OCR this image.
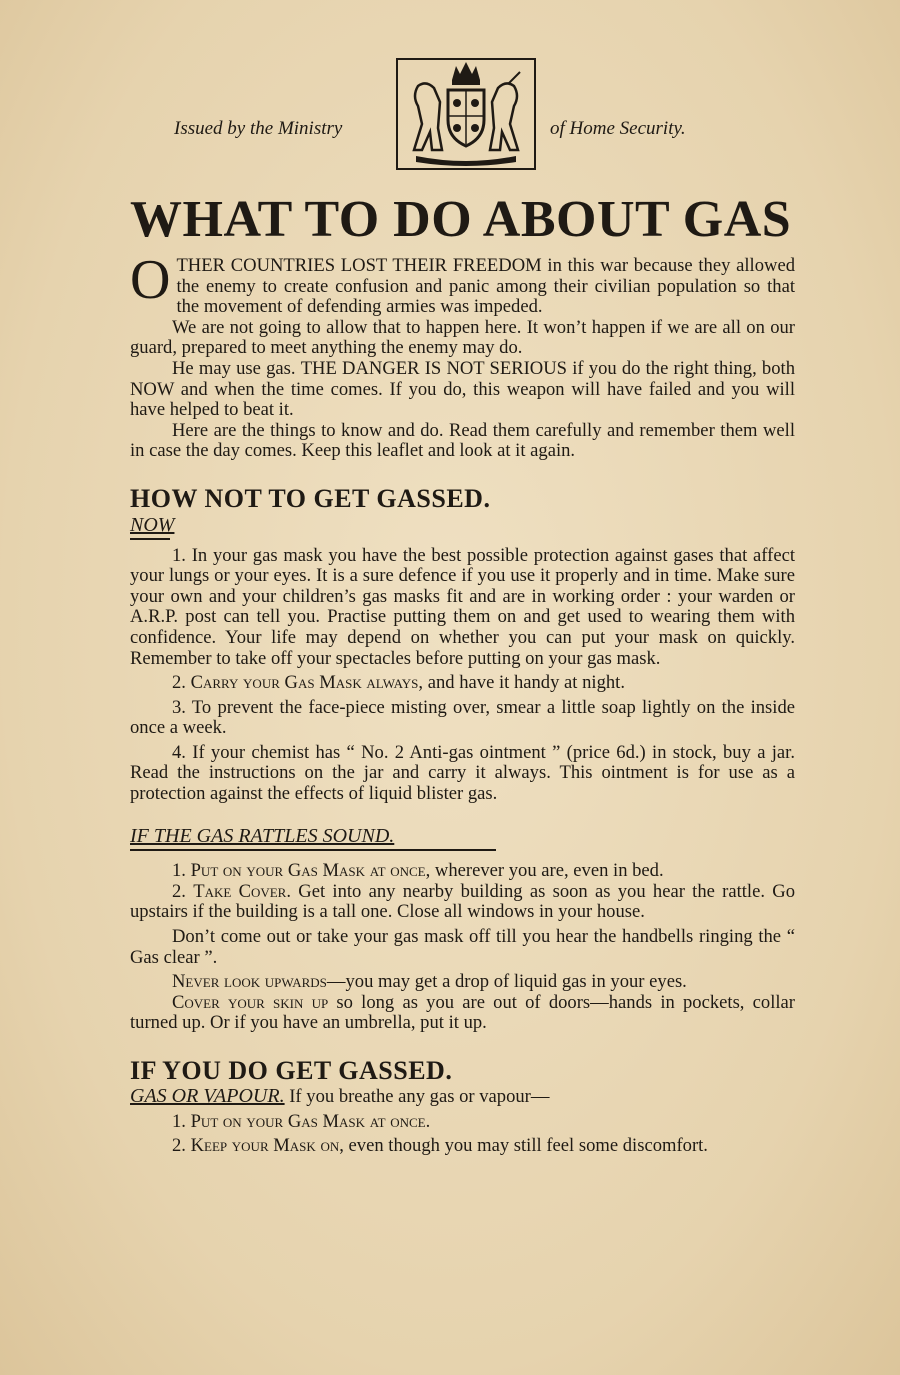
Issued by the Ministry	of Home Security.
WHAT TO DO ABOUT GAS

OTHER COUNTRIES LOST THEIR FREEDOM in this war because they allowed the enemy to create confusion and panic among their civilian population so that the movement of defending armies was impeded.

We are not going to allow that to happen here. It won’t happen if we are all on our guard, prepared to meet anything the enemy may do.

He may use gas. THE DANGER IS NOT SERIOUS if you do the right thing, both NOW and when the time comes. If you do, this weapon will have failed and you will have helped to beat it.

Here are the things to know and do. Read them carefully and remember them well in case the day comes. Keep this leaflet and look at it again.

HOW NOT TO GET GASSED.
NOW

1. In your gas mask you have the best possible protection against gases that affect your lungs or your eyes. It is a sure defence if you use it properly and in time. Make sure your own and your children’s gas masks fit and are in working order : your warden or A.R.P. post can tell you. Practise putting them on and get used to wearing them with confidence. Your life may depend on whether you can put your mask on quickly. Remember to take off your spectacles before putting on your gas mask.

2. Carry your Gas Mask always, and have it handy at night.

3. To prevent the face-piece misting over, smear a little soap lightly on the inside once a week.

4. If your chemist has “ No. 2 Anti-gas ointment ” (price 6d.) in stock, buy a jar. Read the instructions on the jar and carry it always. This ointment is for use as a protection against the effects of liquid blister gas.

IF THE GAS RATTLES SOUND.

1. Put on your Gas Mask at once, wherever you are, even in bed.

2. Take Cover. Get into any nearby building as soon as you hear the rattle. Go upstairs if the building is a tall one. Close all windows in your house.

Don’t come out or take your gas mask off till you hear the handbells ringing the “ Gas clear ”.

Never look upwards—you may get a drop of liquid gas in your eyes.

Cover your skin up so long as you are out of doors—hands in pockets, collar turned up. Or if you have an umbrella, put it up.

IF YOU DO GET GASSED.

GAS OR VAPOUR. If you breathe any gas or vapour—

1. Put on your Gas Mask at once.

2. Keep your Mask on, even though you may still feel some discomfort.
